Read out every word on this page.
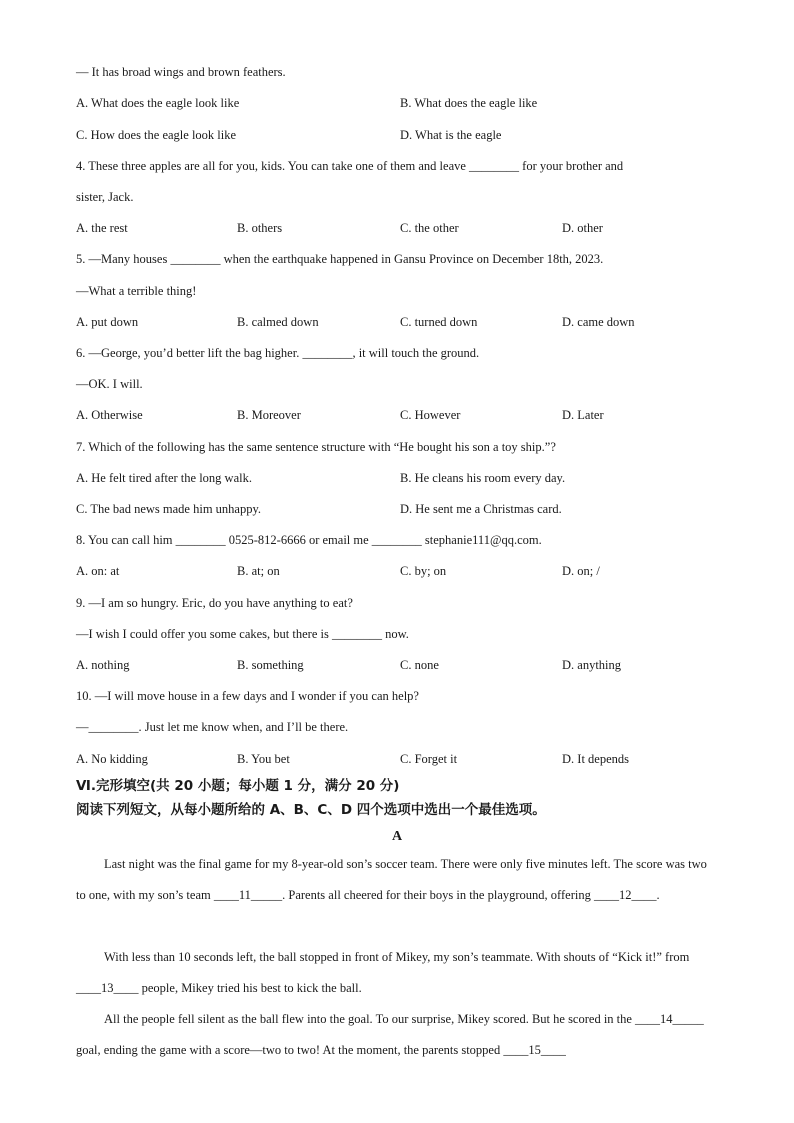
— It has broad wings and brown feathers.
A. What does the eagle look like	B. What does the eagle like
C. How does the eagle look like	D. What is the eagle
4. These three apples are all for you, kids. You can take one of them and leave ________ for your brother and
sister, Jack.
A. the rest	B. others	C. the other	D. other
5. —Many houses ________ when the earthquake happened in Gansu Province on December 18th, 2023.
—What a terrible thing!
A. put down	B. calmed down	C. turned down	D. came down
6. —George, you’d better lift the bag higher. ________, it will touch the ground.
—OK. I will.
A. Otherwise	B. Moreover	C. However	D. Later
7. Which of the following has the same sentence structure with “He bought his son a toy ship.”?
A. He felt tired after the long walk.	B. He cleans his room every day.
C. The bad news made him unhappy.	D. He sent me a Christmas card.
8. You can call him ________ 0525-812-6666 or email me ________ stephanie111@qq.com.
A. on: at	B. at; on	C. by; on	D. on; /
9. —I am so hungry. Eric, do you have anything to eat?
—I wish I could offer you some cakes, but there is ________ now.
A. nothing	B. something	C. none	D. anything
10. —I will move house in a few days and I wonder if you can help?
—________. Just let me know when, and I’ll be there.
A. No kidding	B. You bet	C. Forget it	D. It depends
Ⅵ.完形填空(共 20 小题；每小题 1 分，满分 20 分)
阅读下列短文，从每小题所给的 A、B、C、D 四个选项中选出一个最佳选项。
A
Last night was the final game for my 8-year-old son’s soccer team. There were only five minutes left. The score was two to one, with my son’s team ____11_____. Parents all cheered for their boys in the playground, offering ____12____.
With less than 10 seconds left, the ball stopped in front of Mikey, my son’s teammate. With shouts of “Kick it!” from ____13____ people, Mikey tried his best to kick the ball.
All the people fell silent as the ball flew into the goal. To our surprise, Mikey scored. But he scored in the ____14_____ goal, ending the game with a score—two to two! At the moment, the parents stopped ____15____
